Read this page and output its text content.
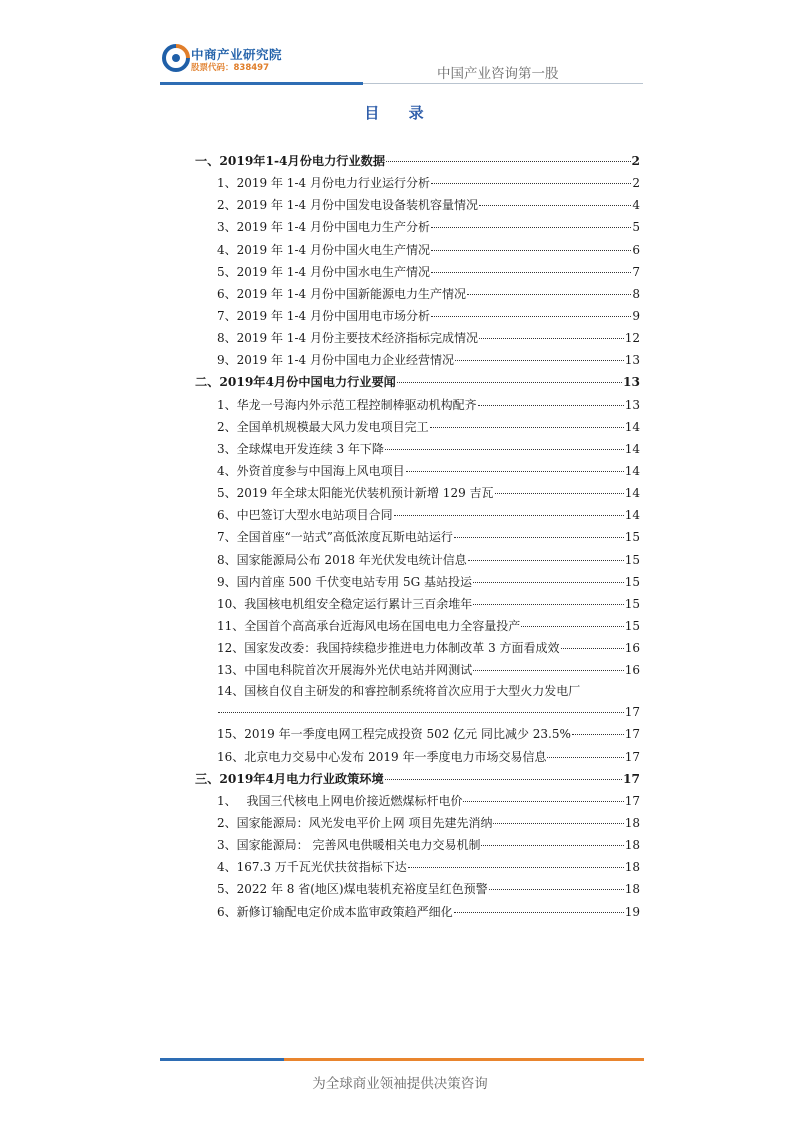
中商产业研究院
股票代码：838497	中国产业咨询第一股
目 录
一、2019年1-4月份电力行业数据	2
1、2019 年 1-4 月份电力行业运行分析	2
2、2019 年 1-4 月份中国发电设备装机容量情况	4
3、2019 年 1-4 月份中国电力生产分析	5
4、2019 年 1-4 月份中国火电生产情况	6
5、2019 年 1-4 月份中国水电生产情况	7
6、2019 年 1-4 月份中国新能源电力生产情况	8
7、2019 年 1-4 月份中国用电市场分析	9
8、2019 年 1-4 月份主要技术经济指标完成情况	12
9、2019 年 1-4 月份中国电力企业经营情况	13
二、2019年4月份中国电力行业要闻	13
1、华龙一号海内外示范工程控制棒驱动机构配齐	13
2、全国单机规模最大风力发电项目完工	14
3、全球煤电开发连续 3 年下降	14
4、外资首度参与中国海上风电项目	14
5、2019 年全球太阳能光伏装机预计新增 129 吉瓦	14
6、中巴签订大型水电站项目合同	14
7、全国首座“一站式”高低浓度瓦斯电站运行	15
8、国家能源局公布 2018 年光伏发电统计信息	15
9、国内首座 500 千伏变电站专用 5G 基站投运	15
10、我国核电机组安全稳定运行累计三百余堆年	15
11、全国首个高高承台近海风电场在国电电力全容量投产	15
12、国家发改委：我国持续稳步推进电力体制改革 3 方面看成效	16
13、中国电科院首次开展海外光伏电站并网测试	16
14、国核自仪自主研发的和睿控制系统将首次应用于大型火力发电厂
17
15、2019 年一季度电网工程完成投资 502 亿元 同比减少 23.5%	17
16、北京电力交易中心发布 2019 年一季度电力市场交易信息	17
三、2019年4月电力行业政策环境	17
1、　 我国三代核电上网电价接近燃煤标杆电价	17
2、国家能源局：风光发电平价上网 项目先建先消纳	18
3、国家能源局： 完善风电供暖相关电力交易机制	18
4、167.3 万千瓦光伏扶贫指标下达	18
5、2022 年 8 省(地区)煤电装机充裕度呈红色预警	18
6、新修订输配电定价成本监审政策趋严细化	19
为全球商业领袖提供决策咨询
